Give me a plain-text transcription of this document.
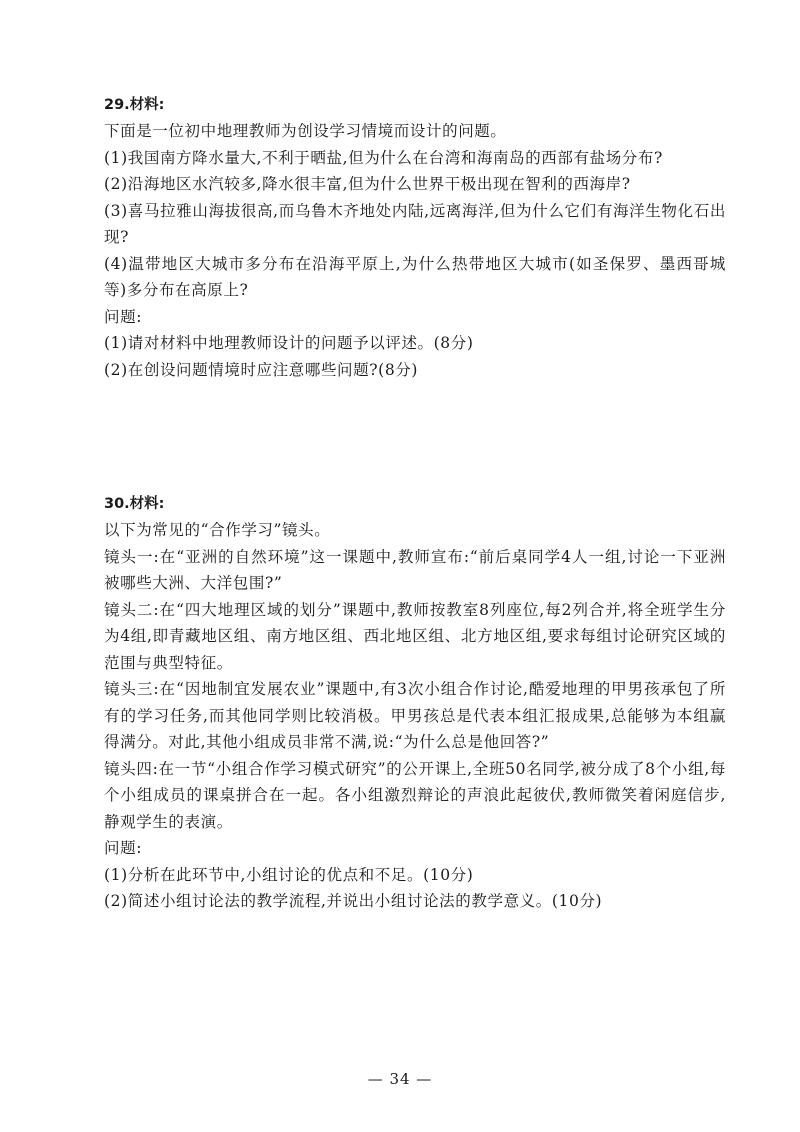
29.材料:
下面是一位初中地理教师为创设学习情境而设计的问题。
(1)我国南方降水量大,不利于晒盐,但为什么在台湾和海南岛的西部有盐场分布?
(2)沿海地区水汽较多,降水很丰富,但为什么世界干极出现在智利的西海岸?
(3)喜马拉雅山海拔很高,而乌鲁木齐地处内陆,远离海洋,但为什么它们有海洋生物化石出现?
(4)温带地区大城市多分布在沿海平原上,为什么热带地区大城市(如圣保罗、墨西哥城等)多分布在高原上?
问题:
(1)请对材料中地理教师设计的问题予以评述。(8分)
(2)在创设问题情境时应注意哪些问题?(8分)
30.材料:
以下为常见的“合作学习”镜头。
镜头一:在“亚洲的自然环境”这一课题中,教师宣布:“前后桌同学4人一组,讨论一下亚洲被哪些大洲、大洋包围?”
镜头二:在“四大地理区域的划分”课题中,教师按教室8列座位,每2列合并,将全班学生分为4组,即青藏地区组、南方地区组、西北地区组、北方地区组,要求每组讨论研究区域的范围与典型特征。
镜头三:在“因地制宜发展农业”课题中,有3次小组合作讨论,酷爱地理的甲男孩承包了所有的学习任务,而其他同学则比较消极。甲男孩总是代表本组汇报成果,总能够为本组赢得满分。对此,其他小组成员非常不满,说:“为什么总是他回答?”
镜头四:在一节“小组合作学习模式研究”的公开课上,全班50名同学,被分成了8个小组,每个小组成员的课桌拼合在一起。各小组激烈辩论的声浪此起彼伏,教师微笑着闲庭信步,静观学生的表演。
问题:
(1)分析在此环节中,小组讨论的优点和不足。(10分)
(2)简述小组讨论法的教学流程,并说出小组讨论法的教学意义。(10分)
— 34 —
